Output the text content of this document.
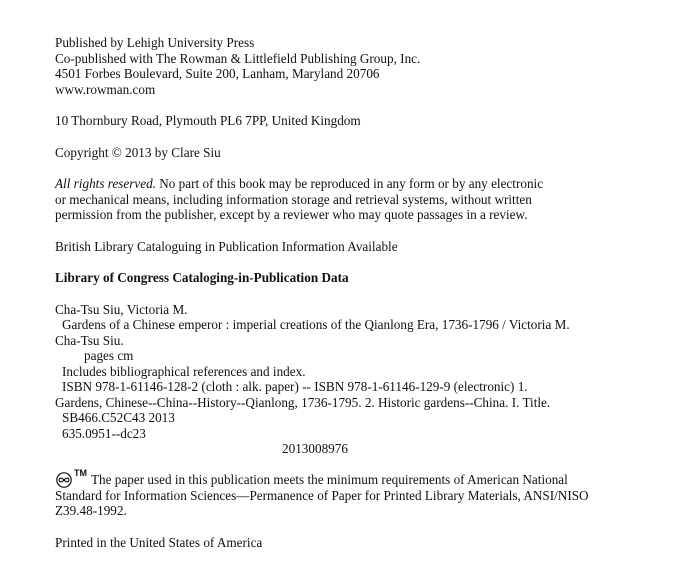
Published by Lehigh University Press
Co-published with The Rowman & Littlefield Publishing Group, Inc.
4501 Forbes Boulevard, Suite 200, Lanham, Maryland 20706
www.rowman.com
10 Thornbury Road, Plymouth PL6 7PP, United Kingdom
Copyright © 2013 by Clare Siu
All rights reserved. No part of this book may be reproduced in any form or by any electronic
or mechanical means, including information storage and retrieval systems, without written
permission from the publisher, except by a reviewer who may quote passages in a review.
British Library Cataloguing in Publication Information Available
Library of Congress Cataloging-in-Publication Data
Cha-Tsu Siu, Victoria M.
Gardens of a Chinese emperor : imperial creations of the Qianlong Era, 1736-1796 / Victoria M.
Cha-Tsu Siu.
pages cm
Includes bibliographical references and index.
ISBN 978-1-61146-128-2 (cloth : alk. paper) -- ISBN 978-1-61146-129-9 (electronic) 1.
Gardens, Chinese--China--History--Qianlong, 1736-1795. 2. Historic gardens--China. I. Title.
SB466.C52C43 2013
635.0951--dc23
2013008976
TM The paper used in this publication meets the minimum requirements of American National
Standard for Information Sciences—Permanence of Paper for Printed Library Materials, ANSI/NISO
Z39.48-1992.
Printed in the United States of America
